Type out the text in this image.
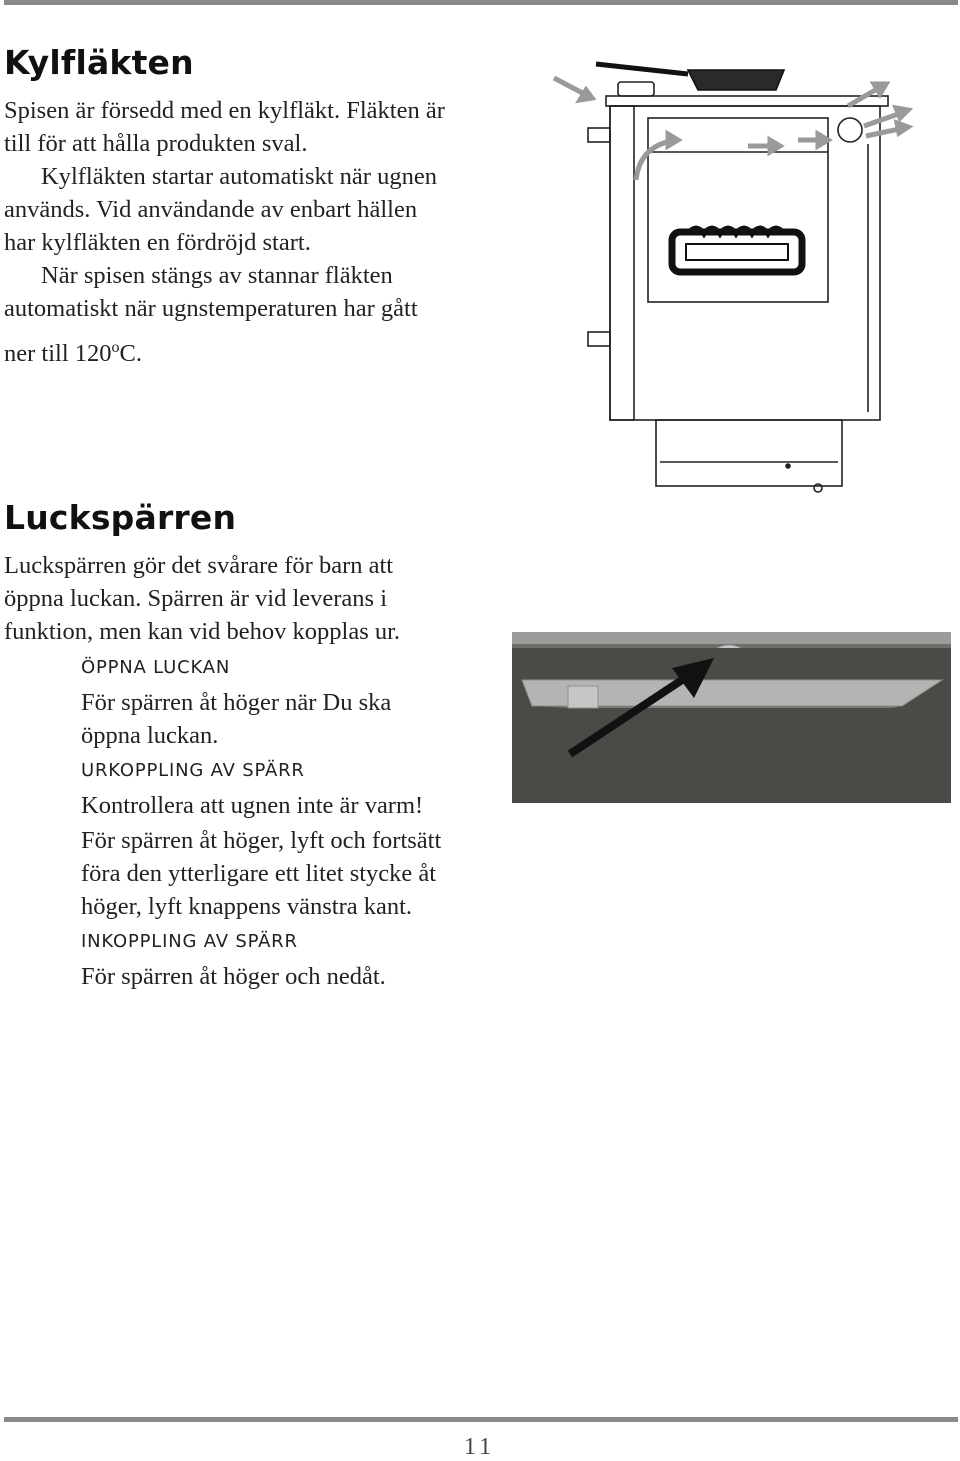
Kylfläkten
Spisen är försedd med en kylfläkt. Fläkten är
till för att hålla produkten sval.
Kylfläkten startar automatiskt när ugnen
används. Vid användande av enbart hällen
har kylfläkten en fördröjd start.
När spisen stängs av stannar fläkten
automatiskt när ugnstemperaturen har gått
ner till 120$^o$C.
Luckspärren
Luckspärren gör det svårare för barn att
öppna luckan. Spärren är vid leverans i
funktion, men kan vid behov kopplas ur.
ÖPPNA LUCKAN
För spärren åt höger när Du ska
öppna luckan.
URKOPPLING AV SPÄRR
Kontrollera att ugnen inte är varm!
För spärren åt höger, lyft och fortsätt
föra den ytterligare ett litet stycke åt
höger, lyft knappens vänstra kant.
INKOPPLING AV SPÄRR
För spärren åt höger och nedåt.
11
